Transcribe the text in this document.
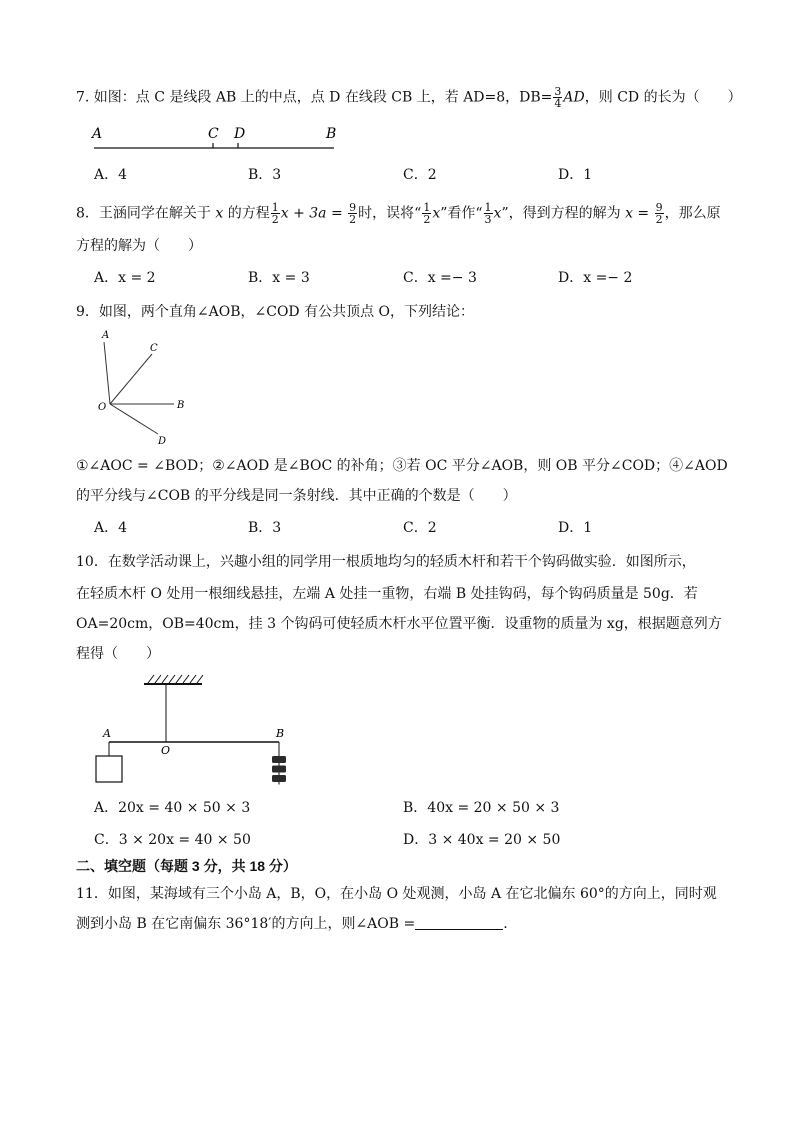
7. 如图：点 C 是线段 AB 上的中点，点 D 在线段 CB 上，若 AD=8，$DB= \frac{3}{4}$ AD，则 CD 的长为（　　）
A	C D	B
A．4	B．3	C．2	D．1
8．王涵同学在解关于 x 的方程 $\frac{1}{2}$ $x + 3a = \frac{9}{2}$ 时，误将“ $\frac{1}{2} x$”看作“ $\frac{1}{3} x$”，得到方程的解为 $x = \frac{9}{2}$ ，那么原
方程的解为（　　）
A．x = 2	B．x = 3	C．x =− 3	D．x =− 2
9．如图，两个直角∠AOB，∠COD 有公共顶点 O，下列结论：
A
C
O	B
D
①∠AOC = ∠BOD；②∠AOD 是∠BOC 的补角；③若 OC 平分∠AOB，则 OB 平分∠COD；④∠AOD
的平分线与∠COB 的平分线是同一条射线．其中正确的个数是（　　）
A．4	B．3	C．2	D．1
10．在数学活动课上，兴趣小组的同学用一根质地均匀的轻质木杆和若干个钩码做实验．如图所示，
在轻质木杆 O 处用一根细线悬挂，左端 A 处挂一重物，右端 B 处挂钩码，每个钩码质量是 50g．若
OA=20cm，OB=40cm，挂 3 个钩码可使轻质木杆水平位置平衡．设重物的质量为 xg，根据题意列方
程得（　　）
A
O
B
A．20x = 40 × 50 × 3	B．40x = 20 × 50 × 3
C．3 × 20x = 40 × 50	D．3 × 40x = 20 × 50
二、填空题（每题 3 分，共 18 分）
11．如图，某海域有三个小岛 A，B，O，在小岛 O 处观测，小岛 A 在它北偏东 60°的方向上，同时观
测到小岛 B 在它南偏东 36°18′的方向上，则∠AOB =	.
